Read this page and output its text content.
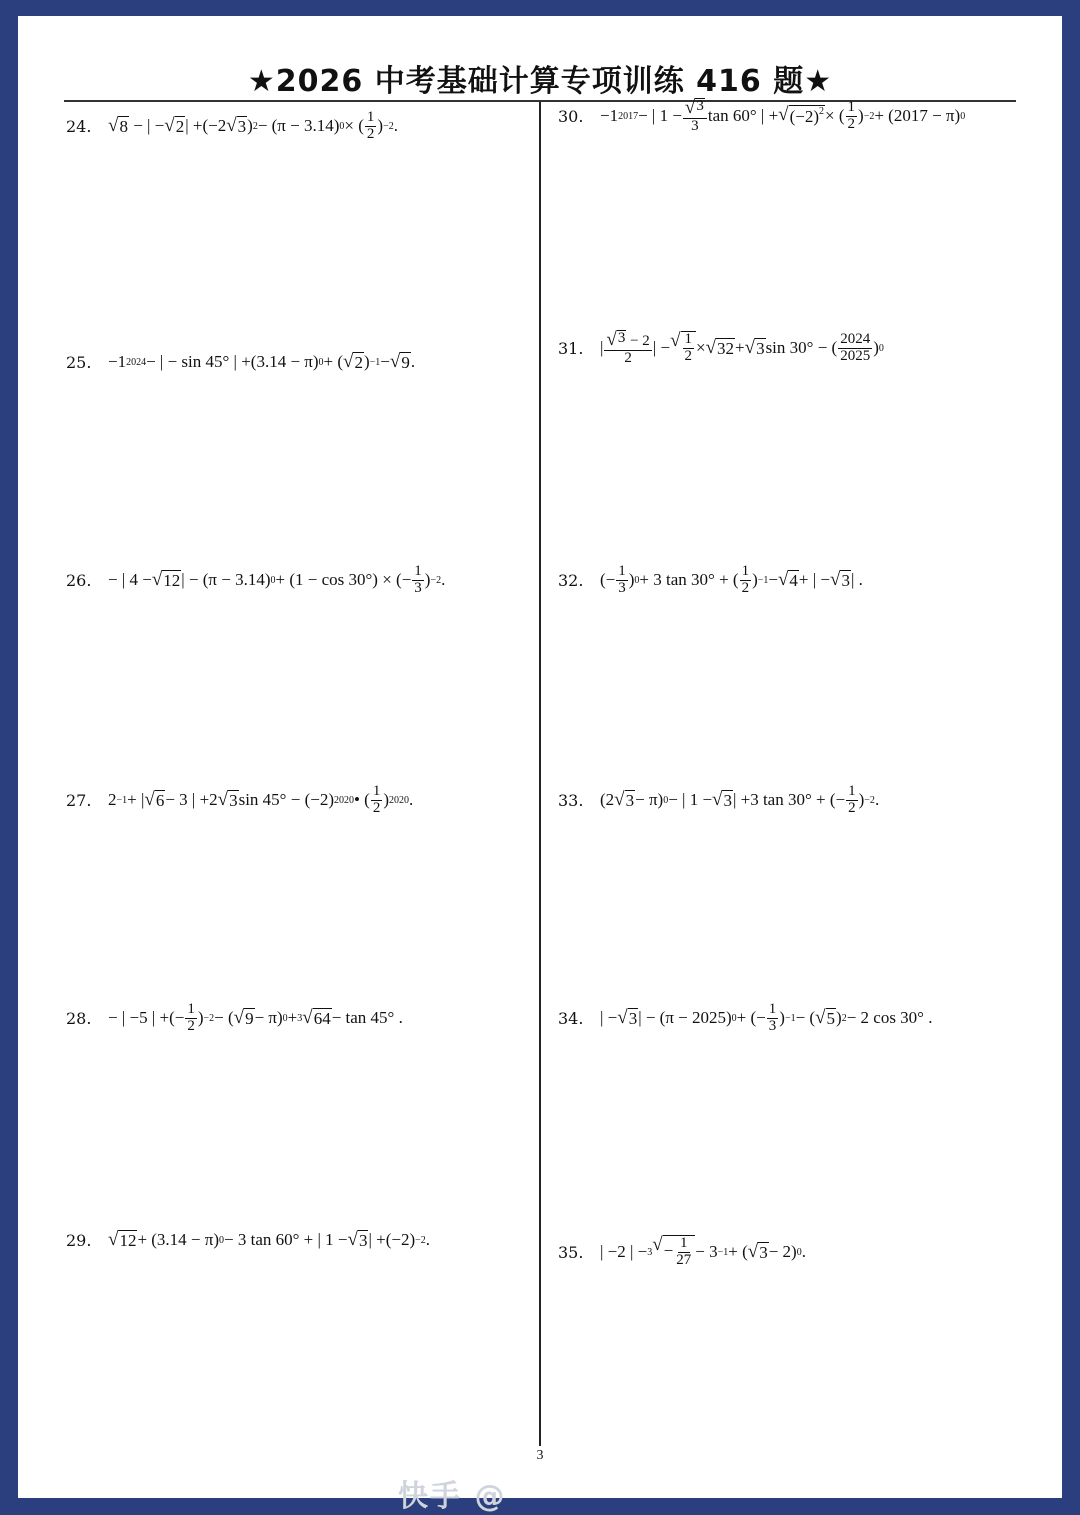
★2026 中考基础计算专项训练 416 题★
24. √ 8 − | − √ 2 | +(−2 √ 3 ) 2 − (π − 3.14) 0 × ( $\frac{1}{2}$ ) −2 .
25. −1 2024 − | − sin 45° | +(3.14 − π) 0 + ( √ 2 ) −1 − √ 9 .
26. − | 4 − √ 12 | − (π − 3.14) 0 + (1 − cos 30°) × (− $\frac{1}{3}$ ) −2 .
27. 2 −1 + | √ 6 − 3 | +2 √ 3 sin 45° − (−2) 2020 • ( $\frac{1}{2}$ ) 2020 .
28. − | −5 | +(− $\frac{1}{2}$ ) −2 − ( √ 9 − π) 0 + 3 √ 64 − tan 45° .
29. √ 12 + (3.14 − π) 0 − 3 tan 60° + | 1 − √ 3 | +(−2) −2 .
30. −1 2017 − | $1 - \frac{√ 3}{3}$ tan 60° | + √ $(-2)^2$ × ( $\frac{1}{2}$ ) −2 + (2017 − π) 0
31. | $\frac{√ 3 - 2}{2}$ | − √ $\frac{1}{2}$ × √ 32 + √ 3 sin 30° − ( $\frac{2024}{2025}$ ) 0
32. (− $\frac{1}{3}$ ) 0 + 3 tan 30° + ( $\frac{1}{2}$ ) −1 − √ 4 + | − √ 3 | .
33. (2 √ 3 − π) 0 − | 1 − √ 3 | +3 tan 30° + (− $\frac{1}{2}$ ) −2 .
34. | − √ 3 | − (π − 2025) 0 + (− $\frac{1}{3}$ ) −1 − ( √ 5 ) 2 − 2 cos 30° .
35. | −2 | − 3 √ − $\frac{1}{27} - 3 -1$ + ( √ 3 − 2) 0 .
3
快手 @
